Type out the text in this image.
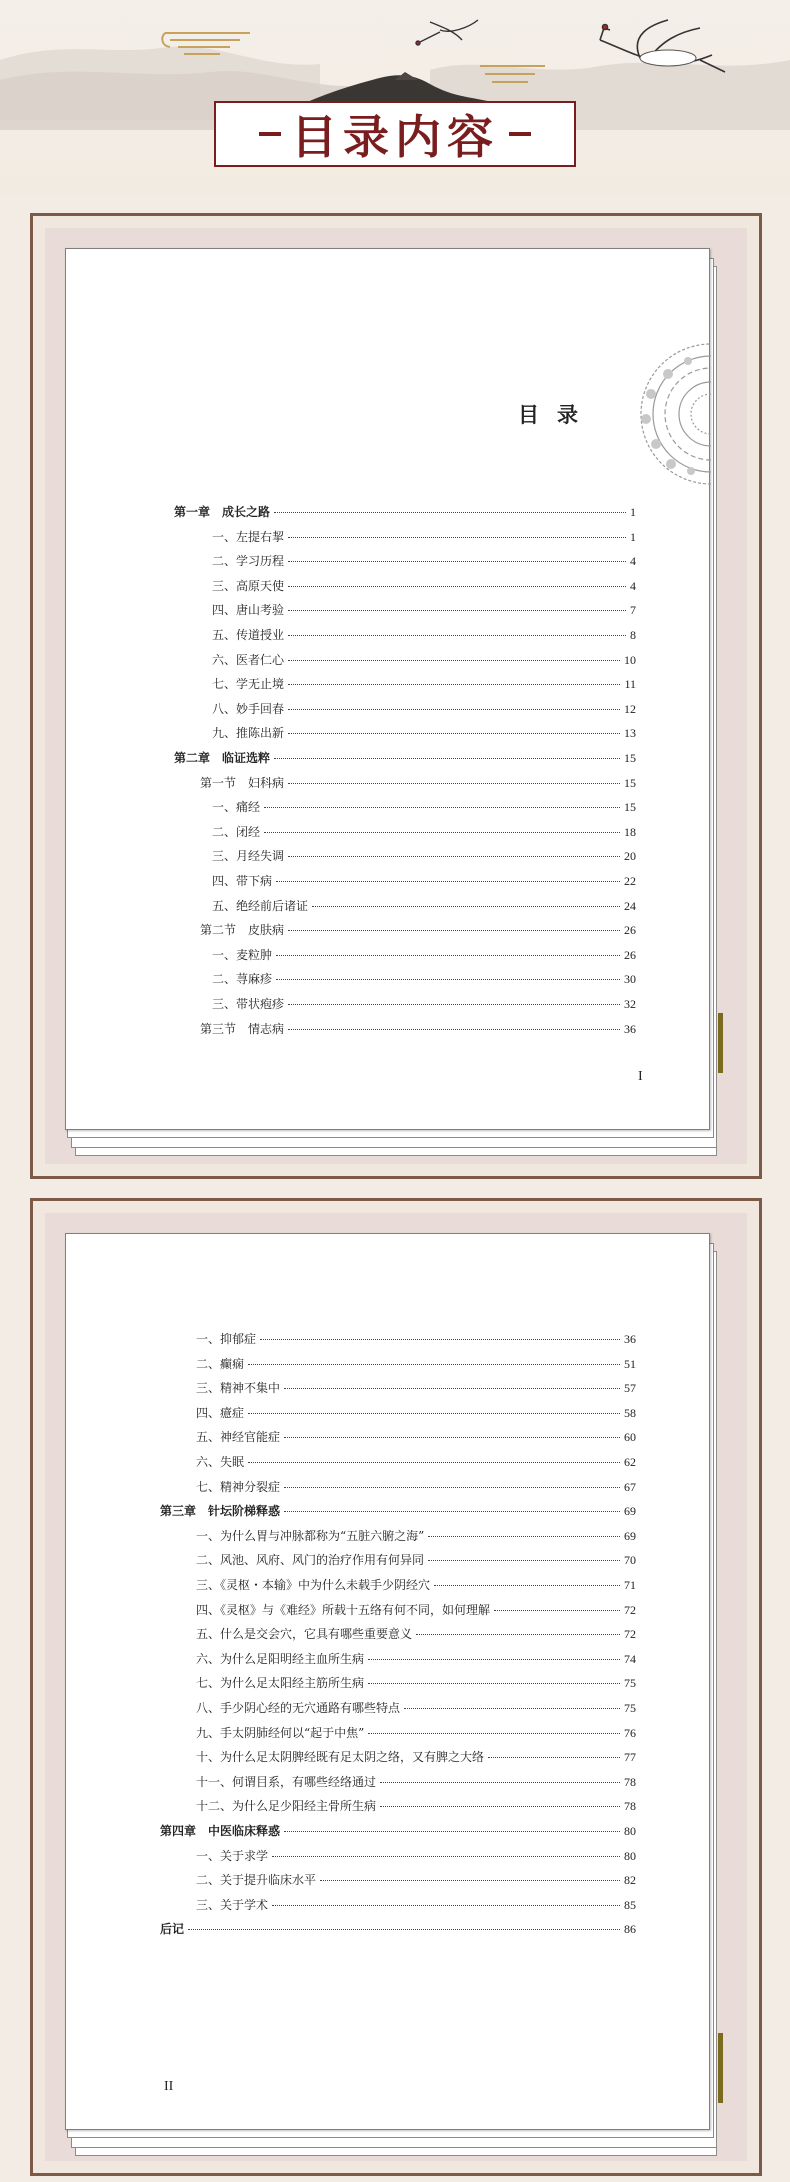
目录内容
目录
第一章　成长之路	1
一、左提右挈	1
二、学习历程	4
三、高原天使	4
四、唐山考验	7
五、传道授业	8
六、医者仁心	10
七、学无止境	11
八、妙手回春	12
九、推陈出新	13
第二章　临证选粹	15
第一节　妇科病	15
一、痛经	15
二、闭经	18
三、月经失调	20
四、带下病	22
五、绝经前后诸证	24
第二节　皮肤病	26
一、麦粒肿	26
二、荨麻疹	30
三、带状疱疹	32
第三节　情志病	36
I
一、抑郁症	36
二、癫痫	51
三、精神不集中	57
四、癔症	58
五、神经官能症	60
六、失眠	62
七、精神分裂症	67
第三章　针坛阶梯释惑	69
一、为什么胃与冲脉都称为“五脏六腑之海”	69
二、风池、风府、风门的治疗作用有何异同	70
三、《灵枢・本输》中为什么未载手少阴经穴	71
四、《灵枢》与《难经》所载十五络有何不同，如何理解	72
五、什么是交会穴，它具有哪些重要意义	72
六、为什么足阳明经主血所生病	74
七、为什么足太阳经主筋所生病	75
八、手少阴心经的无穴通路有哪些特点	75
九、手太阴肺经何以“起于中焦”	76
十、为什么足太阴脾经既有足太阴之络，又有脾之大络	77
十一、何谓目系，有哪些经络通过	78
十二、为什么足少阳经主骨所生病	78
第四章　中医临床释惑	80
一、关于求学	80
二、关于提升临床水平	82
三、关于学术	85
后记	86
II
